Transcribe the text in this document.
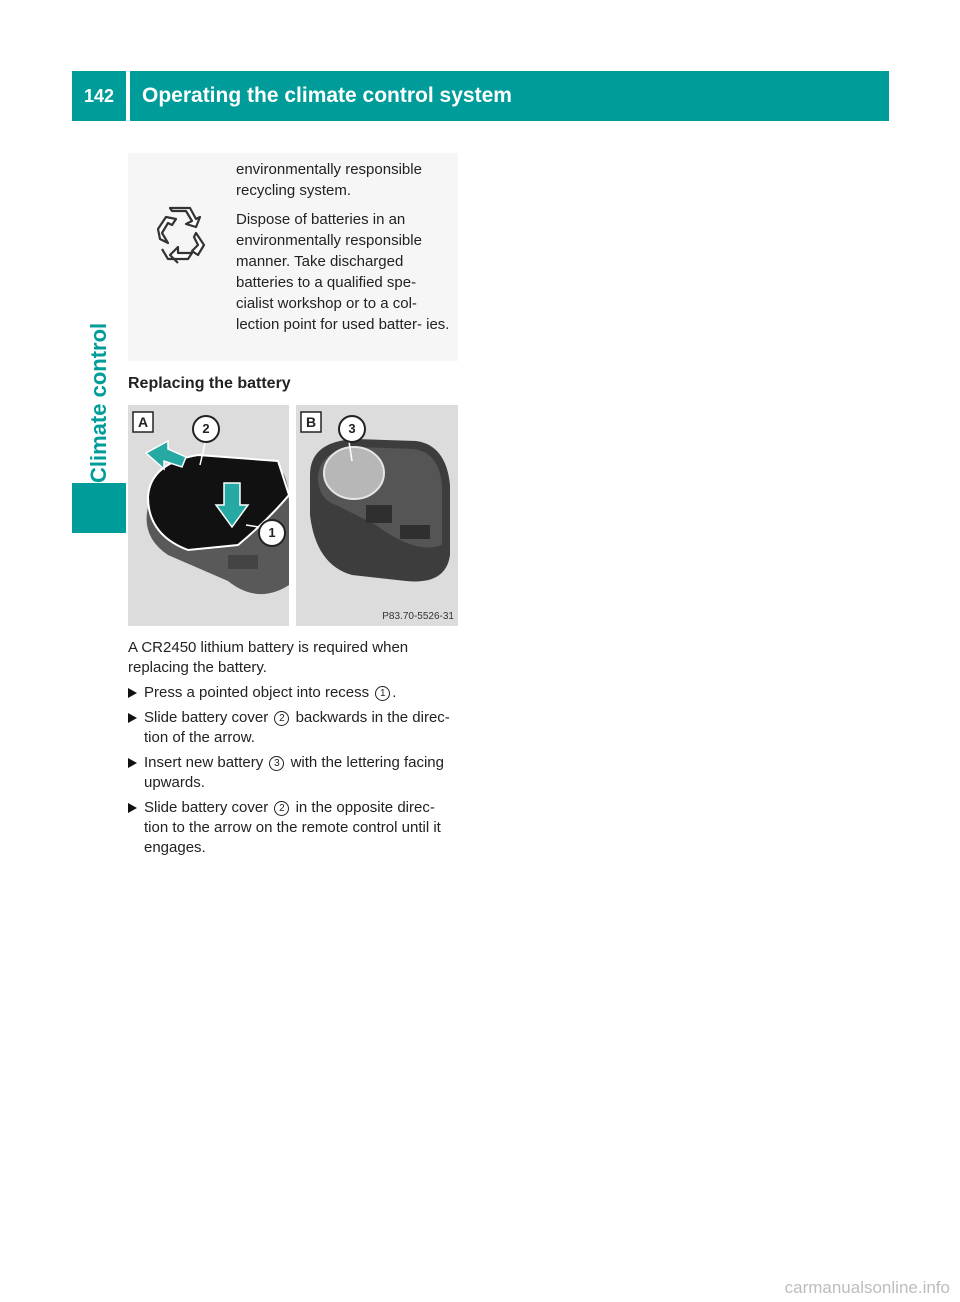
142	Operating the climate control system
Climate control

environmentally responsible recycling system.

Dispose of batteries in an environmentally responsible manner. Take discharged batteries to a qualified spe- cialist workshop or to a col- lection point for used batter- ies.

Replacing the battery
A	2
1
B	3
P83.70-5526-31

A CR2450 lithium battery is required when replacing the battery.

Press a pointed object into recess 1 .
Slide battery cover 2 backwards in the direc- tion of the arrow.
Insert new battery 3 with the lettering facing upwards.
Slide battery cover 2 in the opposite direc- tion to the arrow on the remote control until it engages.
carmanualsonline.info
